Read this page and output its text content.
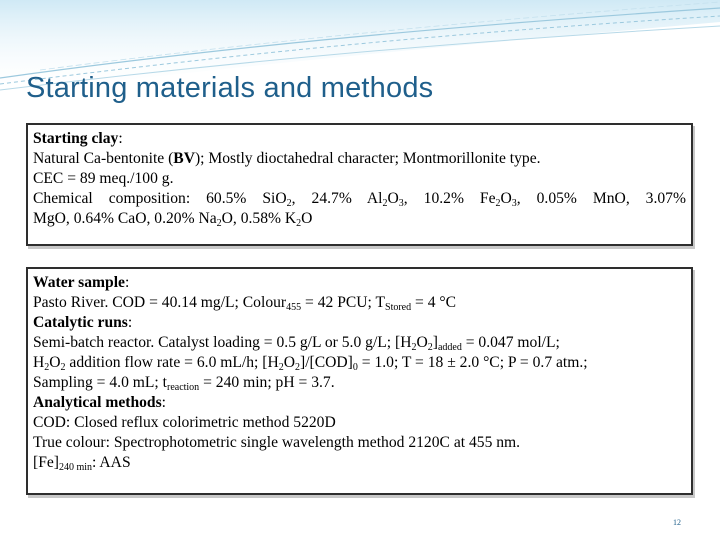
Starting materials and methods
Starting clay:
Natural Ca-bentonite (BV); Mostly dioctahedral character; Montmorillonite type.
CEC = 89 meq./100 g.
Chemical composition: 60.5% SiO$_2$, 24.7% $Al_2O_3$, 10.2% $Fe_2O_3$, 0.05% MnO, 3.07%
MgO, 0.64% CaO, 0.20% $Na_2O$, 0.58% $K_2O$
Water sample:
Pasto River. COD = 40.14 mg/L; Colour$_{455}$ = 42 PCU; $T_{Stored} = 4$ °C
Catalytic runs:
Semi-batch reactor. Catalyst loading = 0.5 g/L or 5.0 g/L; $[H_2O_2]_{added} = 0.047$ mol/L;
$H_2O_2$ addition flow rate = 6.0 mL/h; $[H_2O_2]/[COD]_0 = 1.0$; T = 18 ± 2.0 °C; P = 0.7 atm.;
Sampling = 4.0 mL; $t_{reaction} = 240$ min; pH = 3.7.
Analytical methods:
COD: Closed reflux colorimetric method 5220D
True colour: Spectrophotometric single wavelength method 2120C at 455 nm.
$[Fe]_{240 min}$: AAS
12
